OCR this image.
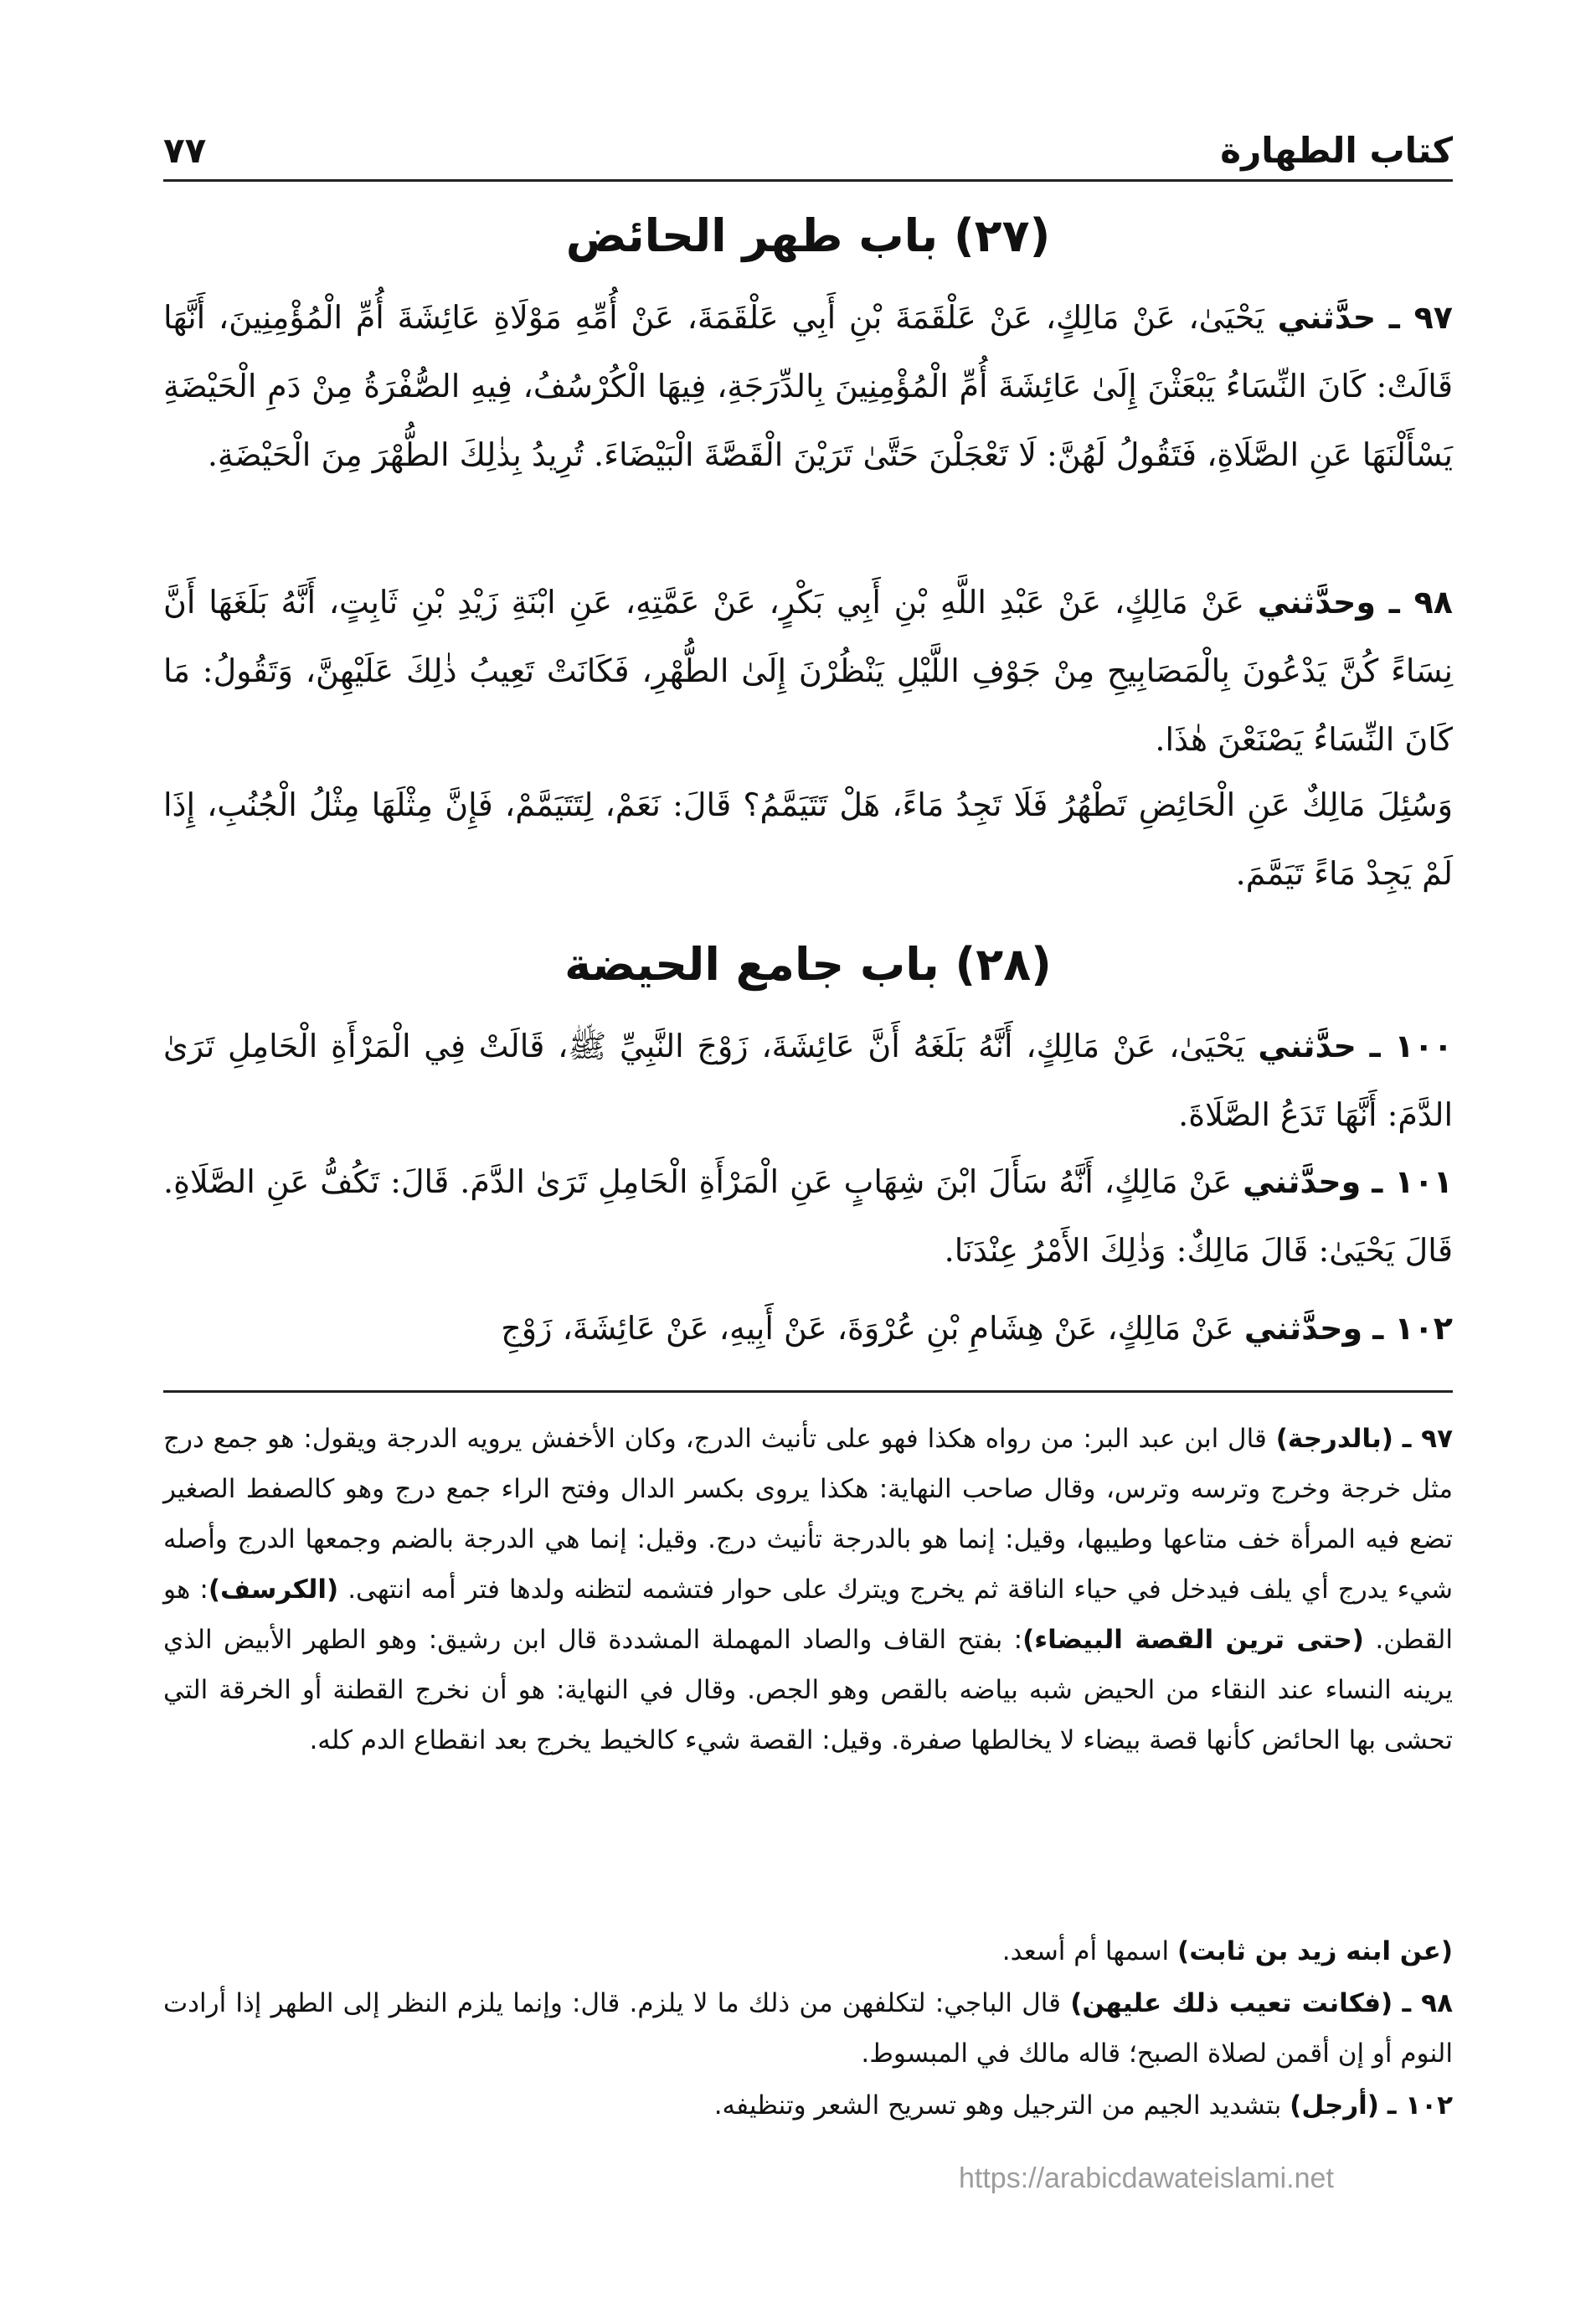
كتاب الطهارة
٧٧
(٢٧) باب طهر الحائض

٩٧ ـ حدَّثني يَحْيَىٰ، عَنْ مَالِكٍ، عَنْ عَلْقَمَةَ بْنِ أَبِي عَلْقَمَةَ، عَنْ أُمِّهِ مَوْلَاةِ عَائِشَةَ أُمِّ الْمُؤْمِنِينَ، أَنَّهَا قَالَتْ: كَانَ النِّسَاءُ يَبْعَثْنَ إِلَىٰ عَائِشَةَ أُمِّ الْمُؤْمِنِينَ بِالدِّرَجَةِ، فِيهَا الْكُرْسُفُ، فِيهِ الصُّفْرَةُ مِنْ دَمِ الْحَيْضَةِ يَسْأَلْنَهَا عَنِ الصَّلَاةِ، فَتَقُولُ لَهُنَّ: لَا تَعْجَلْنَ حَتَّىٰ تَرَيْنَ الْقَصَّةَ الْبَيْضَاءَ. تُرِيدُ بِذٰلِكَ الطُّهْرَ مِنَ الْحَيْضَةِ.

٩٨ ـ وحدَّثني عَنْ مَالِكٍ، عَنْ عَبْدِ اللَّهِ بْنِ أَبِي بَكْرٍ، عَنْ عَمَّتِهِ، عَنِ ابْنَةِ زَيْدِ بْنِ ثَابِتٍ، أَنَّهُ بَلَغَهَا أَنَّ نِسَاءً كُنَّ يَدْعُونَ بِالْمَصَابِيحِ مِنْ جَوْفِ اللَّيْلِ يَنْظُرْنَ إِلَىٰ الطُّهْرِ، فَكَانَتْ تَعِيبُ ذٰلِكَ عَلَيْهِنَّ، وَتَقُولُ: مَا كَانَ النِّسَاءُ يَصْنَعْنَ هٰذَا.

وَسُئِلَ مَالِكٌ عَنِ الْحَائِضِ تَطْهُرُ فَلَا تَجِدُ مَاءً، هَلْ تَتَيَمَّمُ؟ قَالَ: نَعَمْ، لِتَتَيَمَّمْ، فَإِنَّ مِثْلَهَا مِثْلُ الْجُنُبِ، إِذَا لَمْ يَجِدْ مَاءً تَيَمَّمَ.

(٢٨) باب جامع الحيضة

١٠٠ ـ حدَّثني يَحْيَىٰ، عَنْ مَالِكٍ، أَنَّهُ بَلَغَهُ أَنَّ عَائِشَةَ، زَوْجَ النَّبِيِّ ﷺ، قَالَتْ فِي الْمَرْأَةِ الْحَامِلِ تَرَىٰ الدَّمَ: أَنَّهَا تَدَعُ الصَّلَاةَ.

١٠١ ـ وحدَّثني عَنْ مَالِكٍ، أَنَّهُ سَأَلَ ابْنَ شِهَابٍ عَنِ الْمَرْأَةِ الْحَامِلِ تَرَىٰ الدَّمَ. قَالَ: تَكُفُّ عَنِ الصَّلَاةِ. قَالَ يَحْيَىٰ: قَالَ مَالِكٌ: وَذٰلِكَ الأَمْرُ عِنْدَنَا.

١٠٢ ـ وحدَّثني عَنْ مَالِكٍ، عَنْ هِشَامِ بْنِ عُرْوَةَ، عَنْ أَبِيهِ، عَنْ عَائِشَةَ، زَوْجِ

٩٧ ـ (بالدرجة) قال ابن عبد البر: من رواه هكذا فهو على تأنيث الدرج، وكان الأخفش يرويه الدرجة ويقول: هو جمع درج مثل خرجة وخرج وترسه وترس، وقال صاحب النهاية: هكذا يروى بكسر الدال وفتح الراء جمع درج وهو كالصفط الصغير تضع فيه المرأة خف متاعها وطيبها، وقيل: إنما هو بالدرجة تأنيث درج. وقيل: إنما هي الدرجة بالضم وجمعها الدرج وأصله شيء يدرج أي يلف فيدخل في حياء الناقة ثم يخرج ويترك على حوار فتشمه لتظنه ولدها فتر أمه انتهى. (الكرسف): هو القطن. (حتى ترين القصة البيضاء): بفتح القاف والصاد المهملة المشددة قال ابن رشيق: وهو الطهر الأبيض الذي يرينه النساء عند النقاء من الحيض شبه بياضه بالقص وهو الجص. وقال في النهاية: هو أن نخرج القطنة أو الخرقة التي تحشى بها الحائض كأنها قصة بيضاء لا يخالطها صفرة. وقيل: القصة شيء كالخيط يخرج بعد انقطاع الدم كله.

(عن ابنه زيد بن ثابت) اسمها أم أسعد.

٩٨ ـ (فكانت تعيب ذلك عليهن) قال الباجي: لتكلفهن من ذلك ما لا يلزم. قال: وإنما يلزم النظر إلى الطهر إذا أرادت النوم أو إن أقمن لصلاة الصبح؛ قاله مالك في المبسوط.

١٠٢ ـ (أرجل) بتشديد الجيم من الترجيل وهو تسريح الشعر وتنظيفه.

https://arabicdawateislami.net
